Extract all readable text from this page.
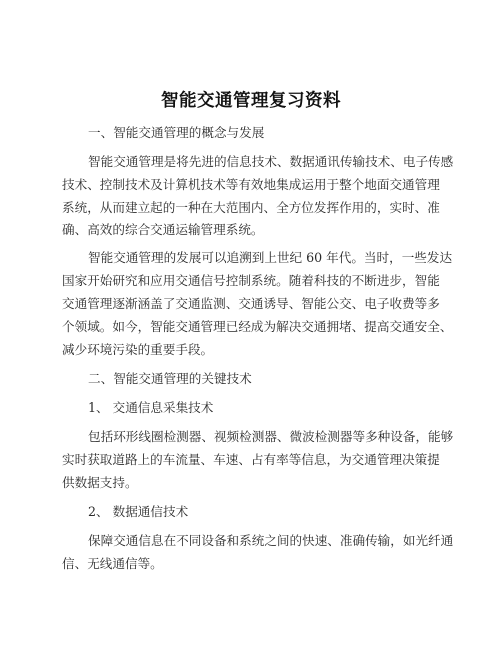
智能交通管理复习资料
一、智能交通管理的概念与发展
智能交通管理是将先进的信息技术、数据通讯传输技术、电子传感
技术、控制技术及计算机技术等有效地集成运用于整个地面交通管理
系统，从而建立起的一种在大范围内、全方位发挥作用的，实时、准
确、高效的综合交通运输管理系统。
智能交通管理的发展可以追溯到上世纪 60 年代。当时，一些发达
国家开始研究和应用交通信号控制系统。随着科技的不断进步，智能
交通管理逐渐涵盖了交通监测、交通诱导、智能公交、电子收费等多
个领域。如今，智能交通管理已经成为解决交通拥堵、提高交通安全、
减少环境污染的重要手段。
二、智能交通管理的关键技术
1、 交通信息采集技术
包括环形线圈检测器、视频检测器、微波检测器等多种设备，能够
实时获取道路上的车流量、车速、占有率等信息，为交通管理决策提
供数据支持。
2、 数据通信技术
保障交通信息在不同设备和系统之间的快速、准确传输，如光纤通
信、无线通信等。
